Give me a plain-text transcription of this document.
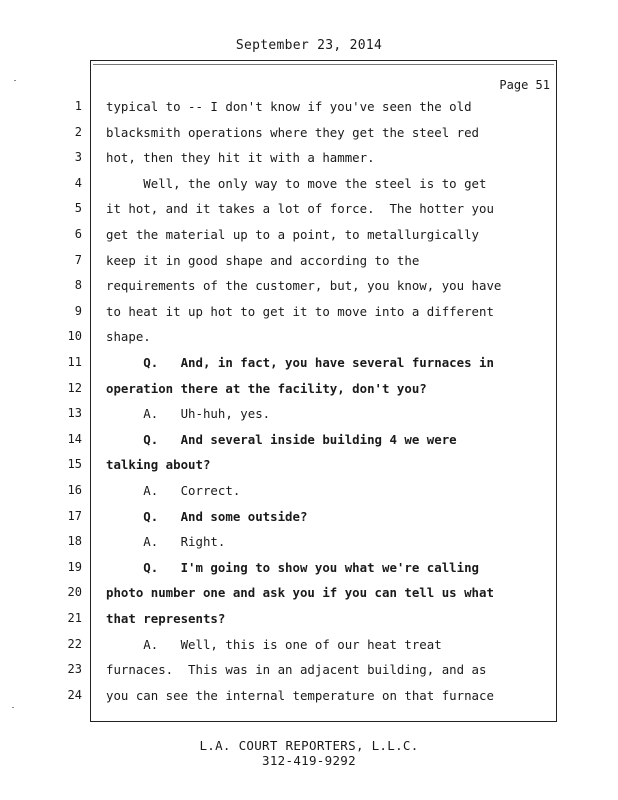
September 23, 2014
Page 51
1 typical to -- I don't know if you've seen the old
2 blacksmith operations where they get the steel red
3 hot, then they hit it with a hammer.
4 Well, the only way to move the steel is to get
5 it hot, and it takes a lot of force.  The hotter you
6 get the material up to a point, to metallurgically
7 keep it in good shape and according to the
8 requirements of the customer, but, you know, you have
9 to heat it up hot to get it to move into a different
10 shape.
11 Q.   And, in fact, you have several furnaces in
12 operation there at the facility, don't you?
13 A.   Uh-huh, yes.
14 Q.   And several inside building 4 we were
15 talking about?
16 A.   Correct.
17 Q.   And some outside?
18 A.   Right.
19 Q.   I'm going to show you what we're calling
20 photo number one and ask you if you can tell us what
21 that represents?
22 A.   Well, this is one of our heat treat
23 furnaces.  This was in an adjacent building, and as
24 you can see the internal temperature on that furnace
L.A. COURT REPORTERS, L.L.C.
312-419-9292
